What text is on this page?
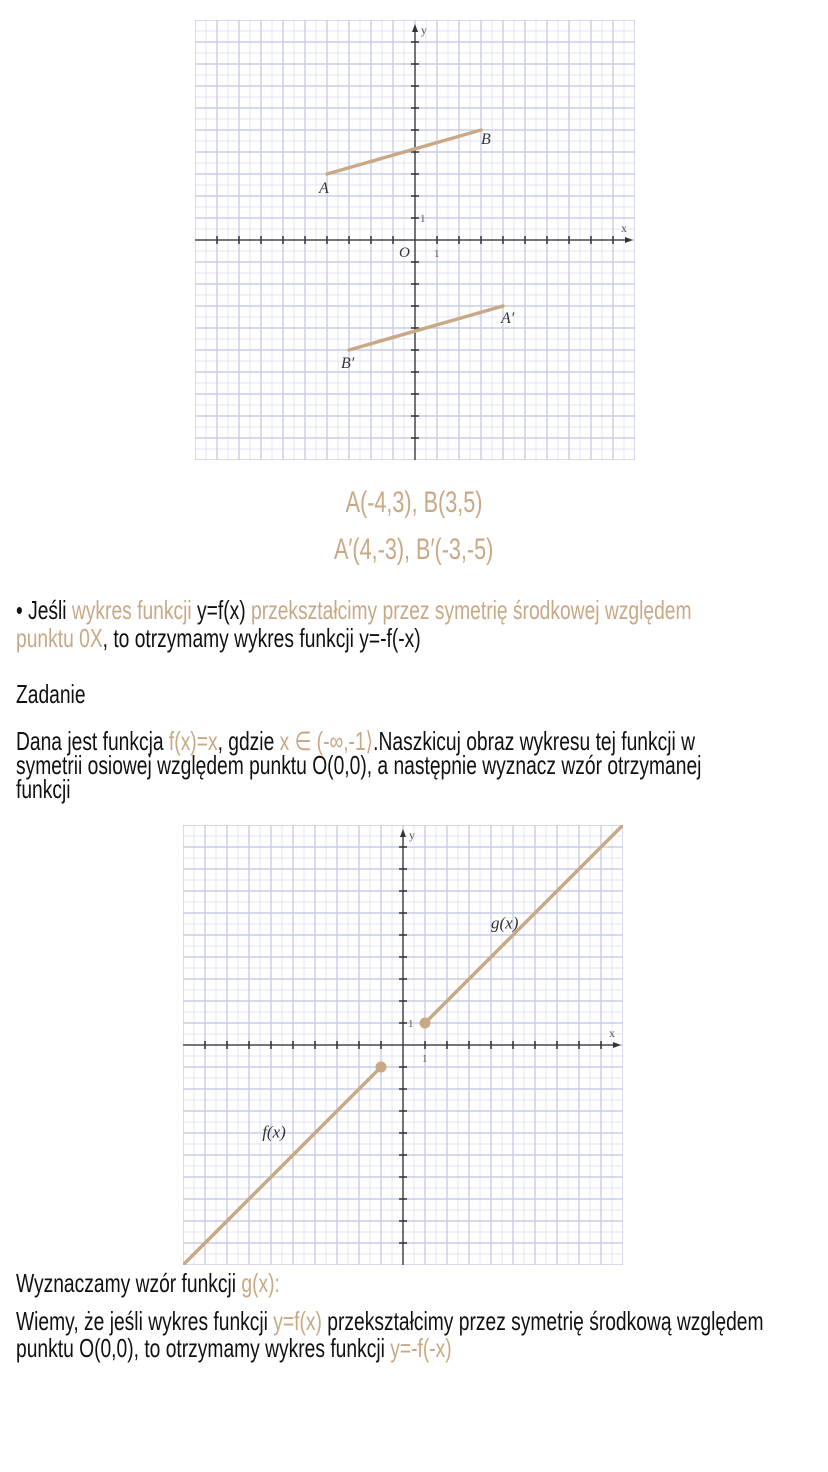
x
y
1
1
O
A
B
A′
B′
A(-4,3), B(3,5)
A′(4,-3), B′(-3,-5)
• Jeśli wykres funkcji y=f(x) przekształcimy przez symetrię środkowej względem
punktu 0X, to otrzymamy wykres funkcji y=-f(-x)
Zadanie
Dana jest funkcja f(x)=x, gdzie x ∈ (-∞,-1⟩.Naszkicuj obraz wykresu tej funkcji w
symetrii osiowej względem punktu O(0,0), a następnie wyznacz wzór otrzymanej
funkcji
x
y
1
1
g(x)
f(x)
Wyznaczamy wzór funkcji g(x):
Wiemy, że jeśli wykres funkcji y=f(x) przekształcimy przez symetrię środkową względem
punktu O(0,0), to otrzymamy wykres funkcji y=-f(-x)
